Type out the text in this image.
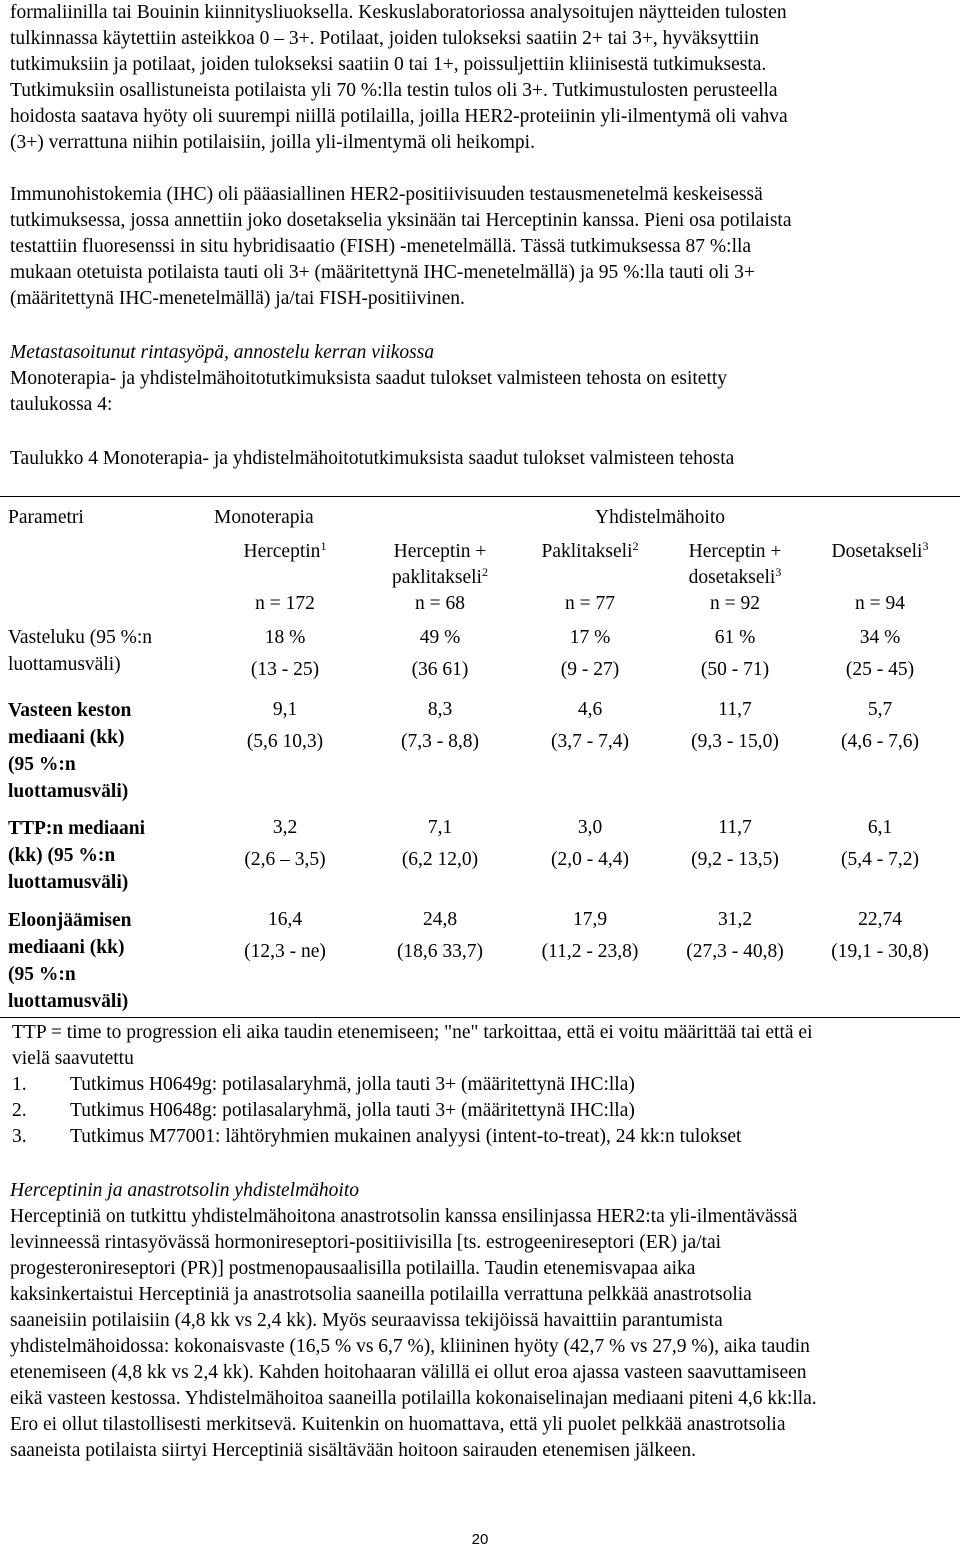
formaliinilla tai Bouinin kiinnitysliuoksella. Keskuslaboratoriossa analysoitujen näytteiden tulosten
tulkinnassa käytettiin asteikkoa 0 – 3+. Potilaat, joiden tulokseksi saatiin 2+ tai 3+, hyväksyttiin
tutkimuksiin ja potilaat, joiden tulokseksi saatiin 0 tai 1+, poissuljettiin kliinisestä tutkimuksesta.
Tutkimuksiin osallistuneista potilaista yli 70 %:lla testin tulos oli 3+. Tutkimustulosten perusteella
hoidosta saatava hyöty oli suurempi niillä potilailla, joilla HER2-proteiinin yli-ilmentymä oli vahva
(3+) verrattuna niihin potilaisiin, joilla yli-ilmentymä oli heikompi.
Immunohistokemia (IHC) oli pääasiallinen HER2-positiivisuuden testausmenetelmä keskeisessä
tutkimuksessa, jossa annettiin joko dosetakselia yksinään tai Herceptinin kanssa. Pieni osa potilaista
testattiin fluoresenssi in situ hybridisaatio (FISH) -menetelmällä. Tässä tutkimuksessa 87 %:lla
mukaan otetuista potilaista tauti oli 3+ (määritettynä IHC-menetelmällä) ja 95 %:lla tauti oli 3+
(määritettynä IHC-menetelmällä) ja/tai FISH-positiivinen.
Metastasoitunut rintasyöpä, annostelu kerran viikossa
Monoterapia- ja yhdistelmähoitotutkimuksista saadut tulokset valmisteen tehosta on esitetty
taulukossa 4:
Taulukko 4 Monoterapia- ja yhdistelmähoitotutkimuksista saadut tulokset valmisteen tehosta
Parametri	Monoterapia	Yhdistelmähoito
Herceptin$^1$
n = 172
Herceptin +
paklitakseli$^2$
n = 68
Paklitakseli$^2$
n = 77
Herceptin +
dosetakseli$^3$
n = 92
Dosetakseli$^3$
n = 94
Vasteluku (95 %:n
luottamusväli)
18 %
(13 - 25)
49 %
(36 61)
17 %
(9 - 27)
61 %
(50 - 71)
34 %
(25 - 45)
Vasteen keston
mediaani (kk)
(95 %:n
luottamusväli)
9,1
(5,6 10,3)
8,3
(7,3 - 8,8)
4,6
(3,7 - 7,4)
11,7
(9,3 - 15,0)
5,7
(4,6 - 7,6)
TTP:n mediaani
(kk) (95 %:n
luottamusväli)
3,2
(2,6 – 3,5)
7,1
(6,2 12,0)
3,0
(2,0 - 4,4)
11,7
(9,2 - 13,5)
6,1
(5,4 - 7,2)
Eloonjäämisen
mediaani (kk)
(95 %:n
luottamusväli)
16,4
(12,3 - ne)
24,8
(18,6 33,7)
17,9
(11,2 - 23,8)
31,2
(27,3 - 40,8)
22,74
(19,1 - 30,8)
TTP = time to progression eli aika taudin etenemiseen; "ne" tarkoittaa, että ei voitu määrittää tai että ei
vielä saavutettu
1. Tutkimus H0649g: potilasalaryhmä, jolla tauti 3+ (määritettynä IHC:lla)
2. Tutkimus H0648g: potilasalaryhmä, jolla tauti 3+ (määritettynä IHC:lla)
3. Tutkimus M77001: lähtöryhmien mukainen analyysi (intent-to-treat), 24 kk:n tulokset
Herceptinin ja anastrotsolin yhdistelmähoito
Herceptiniä on tutkittu yhdistelmähoitona anastrotsolin kanssa ensilinjassa HER2:ta yli-ilmentävässä
levinneessä rintasyövässä hormonireseptori-positiivisilla [ts. estrogeenireseptori (ER) ja/tai
progesteronireseptori (PR)] postmenopausaalisilla potilailla. Taudin etenemisvapaa aika
kaksinkertaistui Herceptiniä ja anastrotsolia saaneilla potilailla verrattuna pelkkää anastrotsolia
saaneisiin potilaisiin (4,8 kk vs 2,4 kk). Myös seuraavissa tekijöissä havaittiin parantumista
yhdistelmähoidossa: kokonaisvaste (16,5 % vs 6,7 %), kliininen hyöty (42,7 % vs 27,9 %), aika taudin
etenemiseen (4,8 kk vs 2,4 kk). Kahden hoitohaaran välillä ei ollut eroa ajassa vasteen saavuttamiseen
eikä vasteen kestossa. Yhdistelmähoitoa saaneilla potilailla kokonaiselinajan mediaani piteni 4,6 kk:lla.
Ero ei ollut tilastollisesti merkitsevä. Kuitenkin on huomattava, että yli puolet pelkkää anastrotsolia
saaneista potilaista siirtyi Herceptiniä sisältävään hoitoon sairauden etenemisen jälkeen.
20
